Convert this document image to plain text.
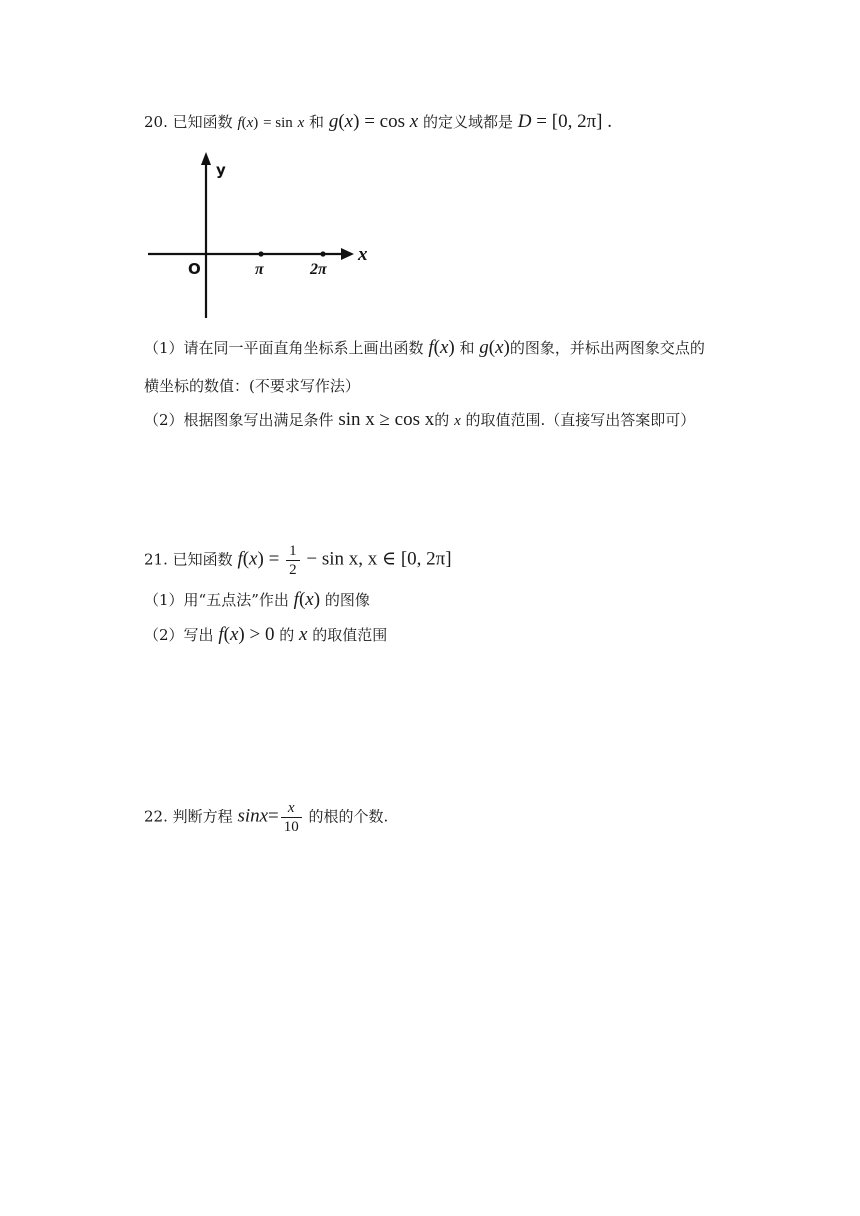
20. 已知函数 f(x) = sin x 和 g(x) = cos x 的定义域都是 D = [0, 2π] .
y
x
O	π	2π
（1）请在同一平面直角坐标系上画出函数 f(x) 和 g(x)的图象，并标出两图象交点的
横坐标的数值：(不要求写作法）
（2）根据图象写出满足条件 sin x ≥ cos x的 x 的取值范围.（直接写出答案即可）
21. 已知函数 $f(x) = \frac{1}{2} - \sin x$, x ∈ [0, 2π]
（1）用“五点法”作出 f(x) 的图像
（2）写出 f(x) > 0 的 x 的取值范围
22. 判断方程 $\sin x= \frac{x}{10}$ 的根的个数.
